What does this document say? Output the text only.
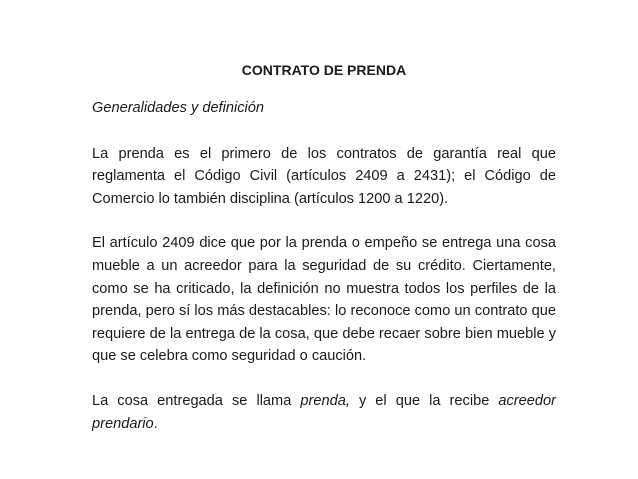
CONTRATO DE PRENDA
Generalidades y definición
La prenda es el primero de los contratos de garantía real que reglamenta el Código Civil (artículos 2409 a 2431); el Código de Comercio lo también disciplina (artículos 1200 a 1220).
El artículo 2409 dice que por la prenda o empeño se entrega una cosa mueble a un acreedor para la seguridad de su crédito. Ciertamente, como se ha criticado, la definición no muestra todos los perfiles de la prenda, pero sí los más destacables: lo reconoce como un contrato que requiere de la entrega de la cosa, que debe recaer sobre bien mueble y que se celebra como seguridad o caución.
La cosa entregada se llama prenda, y el que la recibe acreedor prendario.
